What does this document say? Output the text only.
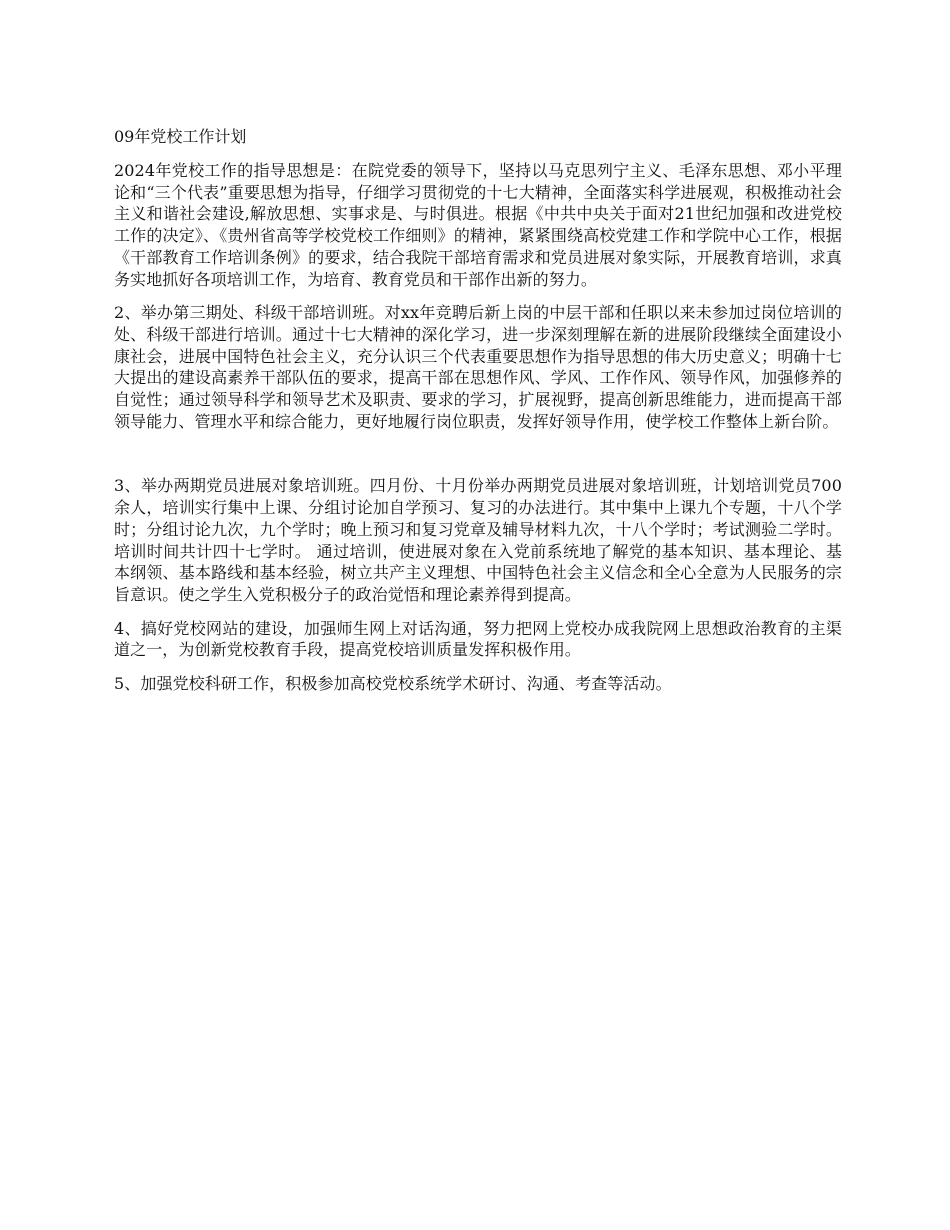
09年党校工作计划

2024年党校工作的指导思想是：在院党委的领导下，坚持以马克思列宁主义、毛泽东思想、邓小平理论和“三个代表”重要思想为指导，仔细学习贯彻党的十七大精神，全面落实科学进展观，积极推动社会主义和谐社会建设,解放思想、实事求是、与时俱进。根据《中共中央关于面对21世纪加强和改进党校工作的决定》、《贵州省高等学校党校工作细则》的精神，紧紧围绕高校党建工作和学院中心工作，根据《干部教育工作培训条例》的要求，结合我院干部培育需求和党员进展对象实际，开展教育培训，求真务实地抓好各项培训工作，为培育、教育党员和干部作出新的努力。

2、举办第三期处、科级干部培训班。对xx年竞聘后新上岗的中层干部和任职以来未参加过岗位培训的处、科级干部进行培训。通过十七大精神的深化学习，进一步深刻理解在新的进展阶段继续全面建设小康社会，进展中国特色社会主义，充分认识三个代表重要思想作为指导思想的伟大历史意义；明确十七大提出的建设高素养干部队伍的要求，提高干部在思想作风、学风、工作作风、领导作风，加强修养的自觉性；通过领导科学和领导艺术及职责、要求的学习，扩展视野，提高创新思维能力，进而提高干部领导能力、管理水平和综合能力，更好地履行岗位职责，发挥好领导作用，使学校工作整体上新台阶。

3、举办两期党员进展对象培训班。四月份、十月份举办两期党员进展对象培训班，计划培训党员700余人，培训实行集中上课、分组讨论加自学预习、复习的办法进行。其中集中上课九个专题，十八个学时；分组讨论九次，九个学时；晚上预习和复习党章及辅导材料九次，十八个学时；考试测验二学时。培训时间共计四十七学时。 通过培训，使进展对象在入党前系统地了解党的基本知识、基本理论、基本纲领、基本路线和基本经验，树立共产主义理想、中国特色社会主义信念和全心全意为人民服务的宗旨意识。使之学生入党积极分子的政治觉悟和理论素养得到提高。

4、搞好党校网站的建设，加强师生网上对话沟通，努力把网上党校办成我院网上思想政治教育的主渠道之一，为创新党校教育手段，提高党校培训质量发挥积极作用。

5、加强党校科研工作，积极参加高校党校系统学术研讨、沟通、考查等活动。
